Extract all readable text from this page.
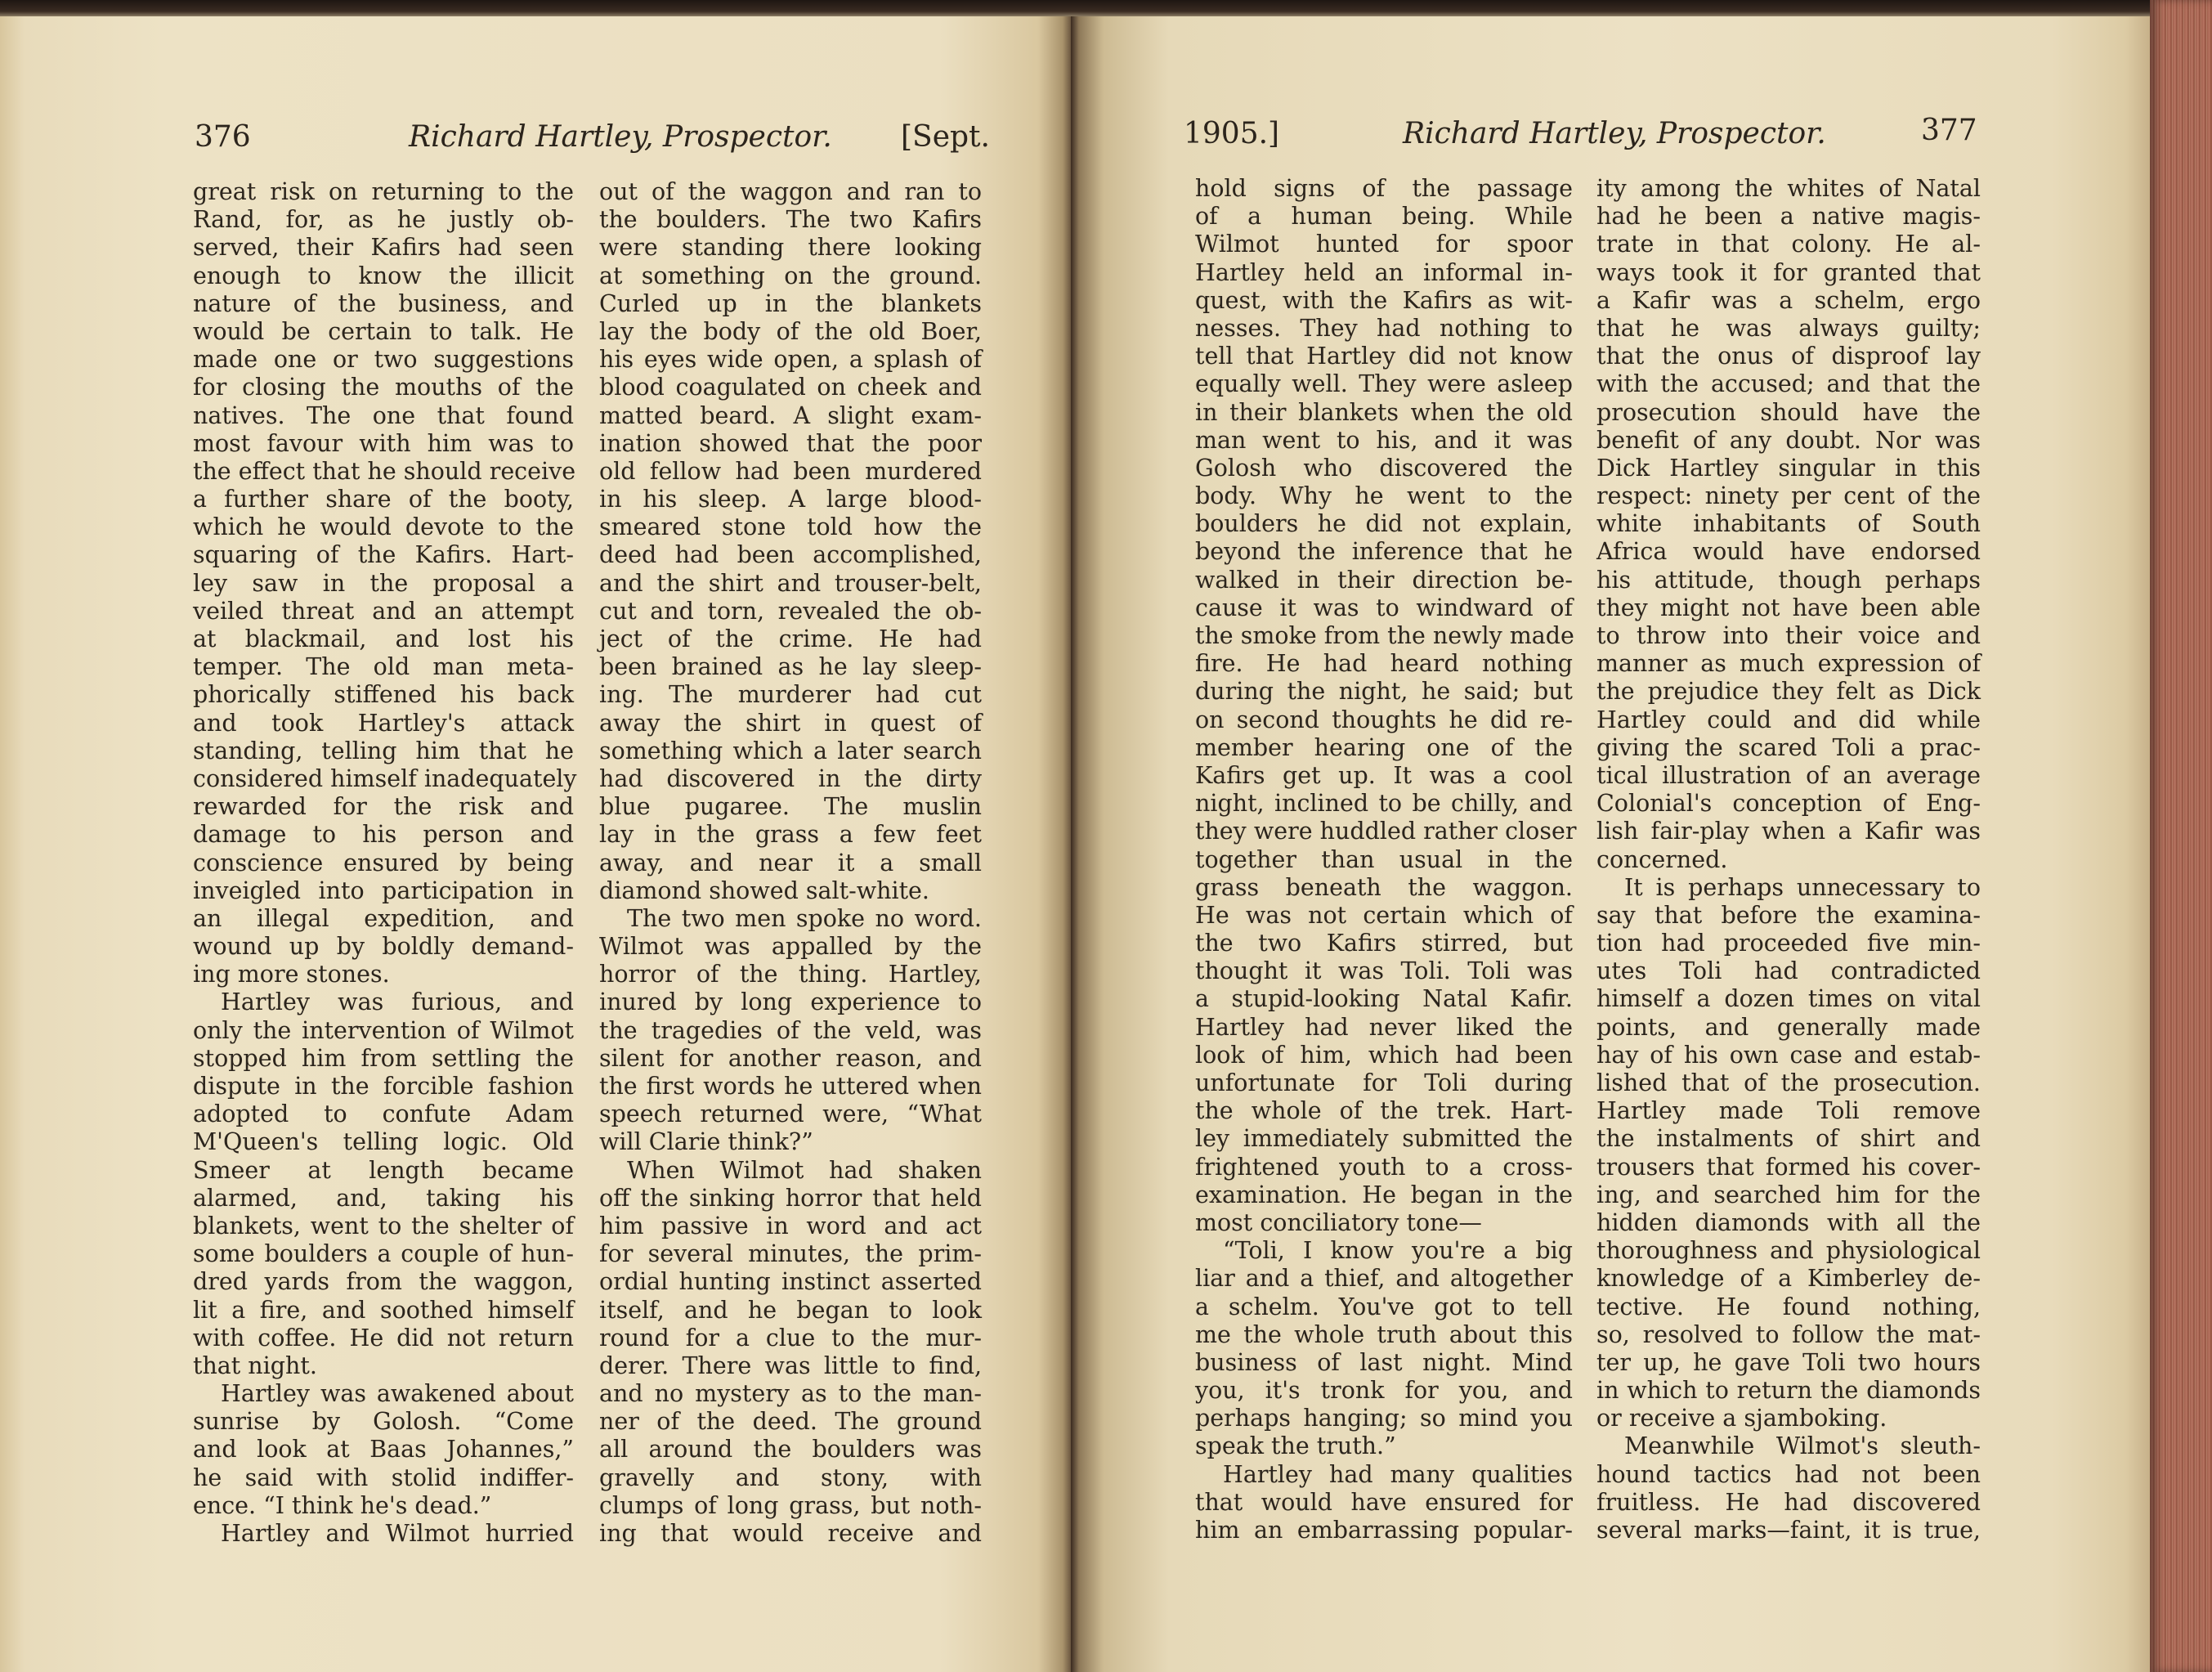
376	Richard Hartley, Prospector. [Sept.
great risk on returning to the
Rand, for, as he justly ob-
served, their Kafirs had seen
enough to know the illicit
nature of the business, and
would be certain to talk. He
made one or two suggestions
for closing the mouths of the
natives. The one that found
most favour with him was to
the effect that he should receive
a further share of the booty,
which he would devote to the
squaring of the Kafirs. Hart-
ley saw in the proposal a
veiled threat and an attempt
at blackmail, and lost his
temper. The old man meta-
phorically stiffened his back
and took Hartley's attack
standing, telling him that he
considered himself inadequately
rewarded for the risk and
damage to his person and
conscience ensured by being
inveigled into participation in
an illegal expedition, and
wound up by boldly demand-
ing more stones.
Hartley was furious, and
only the intervention of Wilmot
stopped him from settling the
dispute in the forcible fashion
adopted to confute Adam
M'Queen's telling logic. Old
Smeer at length became
alarmed, and, taking his
blankets, went to the shelter of
some boulders a couple of hun-
dred yards from the waggon,
lit a fire, and soothed himself
with coffee. He did not return
that night.
Hartley was awakened about
sunrise by Golosh. “Come
and look at Baas Johannes,”
he said with stolid indiffer-
ence. “I think he's dead.”
Hartley and Wilmot hurried
out of the waggon and ran to
the boulders. The two Kafirs
were standing there looking
at something on the ground.
Curled up in the blankets
lay the body of the old Boer,
his eyes wide open, a splash of
blood coagulated on cheek and
matted beard. A slight exam-
ination showed that the poor
old fellow had been murdered
in his sleep. A large blood-
smeared stone told how the
deed had been accomplished,
and the shirt and trouser-belt,
cut and torn, revealed the ob-
ject of the crime. He had
been brained as he lay sleep-
ing. The murderer had cut
away the shirt in quest of
something which a later search
had discovered in the dirty
blue pugaree. The muslin
lay in the grass a few feet
away, and near it a small
diamond showed salt-white.
The two men spoke no word.
Wilmot was appalled by the
horror of the thing. Hartley,
inured by long experience to
the tragedies of the veld, was
silent for another reason, and
the first words he uttered when
speech returned were, “What
will Clarie think?”
When Wilmot had shaken
off the sinking horror that held
him passive in word and act
for several minutes, the prim-
ordial hunting instinct asserted
itself, and he began to look
round for a clue to the mur-
derer. There was little to find,
and no mystery as to the man-
ner of the deed. The ground
all around the boulders was
gravelly and stony, with
clumps of long grass, but noth-
ing that would receive and
1905.]	Richard Hartley, Prospector.	377
hold signs of the passage
of a human being. While
Wilmot hunted for spoor
Hartley held an informal in-
quest, with the Kafirs as wit-
nesses. They had nothing to
tell that Hartley did not know
equally well. They were asleep
in their blankets when the old
man went to his, and it was
Golosh who discovered the
body. Why he went to the
boulders he did not explain,
beyond the inference that he
walked in their direction be-
cause it was to windward of
the smoke from the newly made
fire. He had heard nothing
during the night, he said; but
on second thoughts he did re-
member hearing one of the
Kafirs get up. It was a cool
night, inclined to be chilly, and
they were huddled rather closer
together than usual in the
grass beneath the waggon.
He was not certain which of
the two Kafirs stirred, but
thought it was Toli. Toli was
a stupid-looking Natal Kafir.
Hartley had never liked the
look of him, which had been
unfortunate for Toli during
the whole of the trek. Hart-
ley immediately submitted the
frightened youth to a cross-
examination. He began in the
most conciliatory tone—
“Toli, I know you're a big
liar and a thief, and altogether
a schelm. You've got to tell
me the whole truth about this
business of last night. Mind
you, it's tronk for you, and
perhaps hanging; so mind you
speak the truth.”
Hartley had many qualities
that would have ensured for
him an embarrassing popular-
ity among the whites of Natal
had he been a native magis-
trate in that colony. He al-
ways took it for granted that
a Kafir was a schelm, ergo
that he was always guilty;
that the onus of disproof lay
with the accused; and that the
prosecution should have the
benefit of any doubt. Nor was
Dick Hartley singular in this
respect: ninety per cent of the
white inhabitants of South
Africa would have endorsed
his attitude, though perhaps
they might not have been able
to throw into their voice and
manner as much expression of
the prejudice they felt as Dick
Hartley could and did while
giving the scared Toli a prac-
tical illustration of an average
Colonial's conception of Eng-
lish fair-play when a Kafir was
concerned.
It is perhaps unnecessary to
say that before the examina-
tion had proceeded five min-
utes Toli had contradicted
himself a dozen times on vital
points, and generally made
hay of his own case and estab-
lished that of the prosecution.
Hartley made Toli remove
the instalments of shirt and
trousers that formed his cover-
ing, and searched him for the
hidden diamonds with all the
thoroughness and physiological
knowledge of a Kimberley de-
tective. He found nothing,
so, resolved to follow the mat-
ter up, he gave Toli two hours
in which to return the diamonds
or receive a sjamboking.
Meanwhile Wilmot's sleuth-
hound tactics had not been
fruitless. He had discovered
several marks—faint, it is true,
